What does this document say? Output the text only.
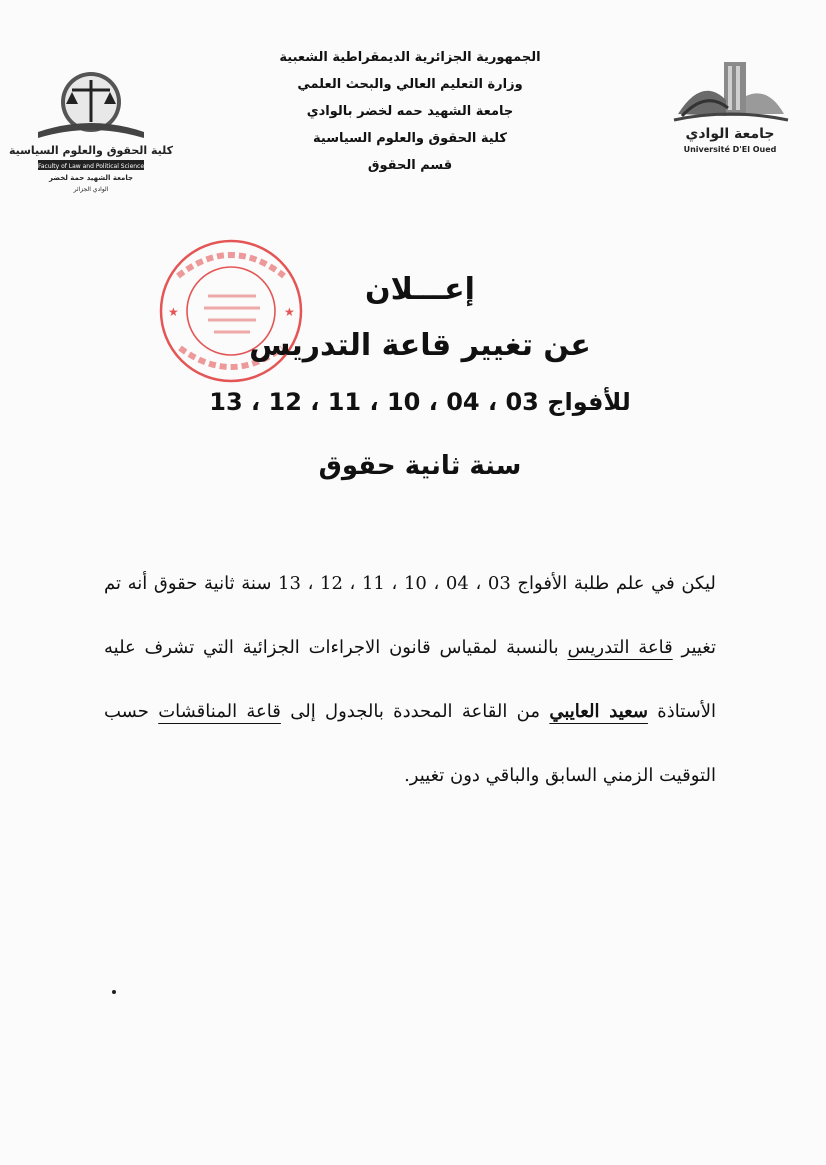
جامعة الوادي
Université D'El Oued
كلية الحقوق والعلوم السياسية
Faculty of Law and Political Science
جامعة الشهيد حمة لخضر
الوادي الجزائر
الجمهورية الجزائرية الديمقراطية الشعبية
وزارة التعليم العالي والبحث العلمي
جامعة الشهيد حمه لخضر بالوادي
كلية الحقوق والعلوم السياسية
قسم الحقوق
★	★
إعـــلان
عن تغيير قاعة التدريس
للأفواج 03 ، 04 ، 10 ، 11 ، 12 ، 13
سنة ثانية حقوق
ليكن في علم طلبة الأفواج 03 ، 04 ، 10 ، 11 ، 12 ، 13 سنة ثانية حقوق أنه تم تغيير قاعة التدريس بالنسبة لمقياس قانون الاجراءات الجزائية التي تشرف عليه الأستاذة سعيد العايبي من القاعة المحددة بالجدول إلى قاعة المناقشات حسب التوقيت الزمني السابق والباقي دون تغيير.
